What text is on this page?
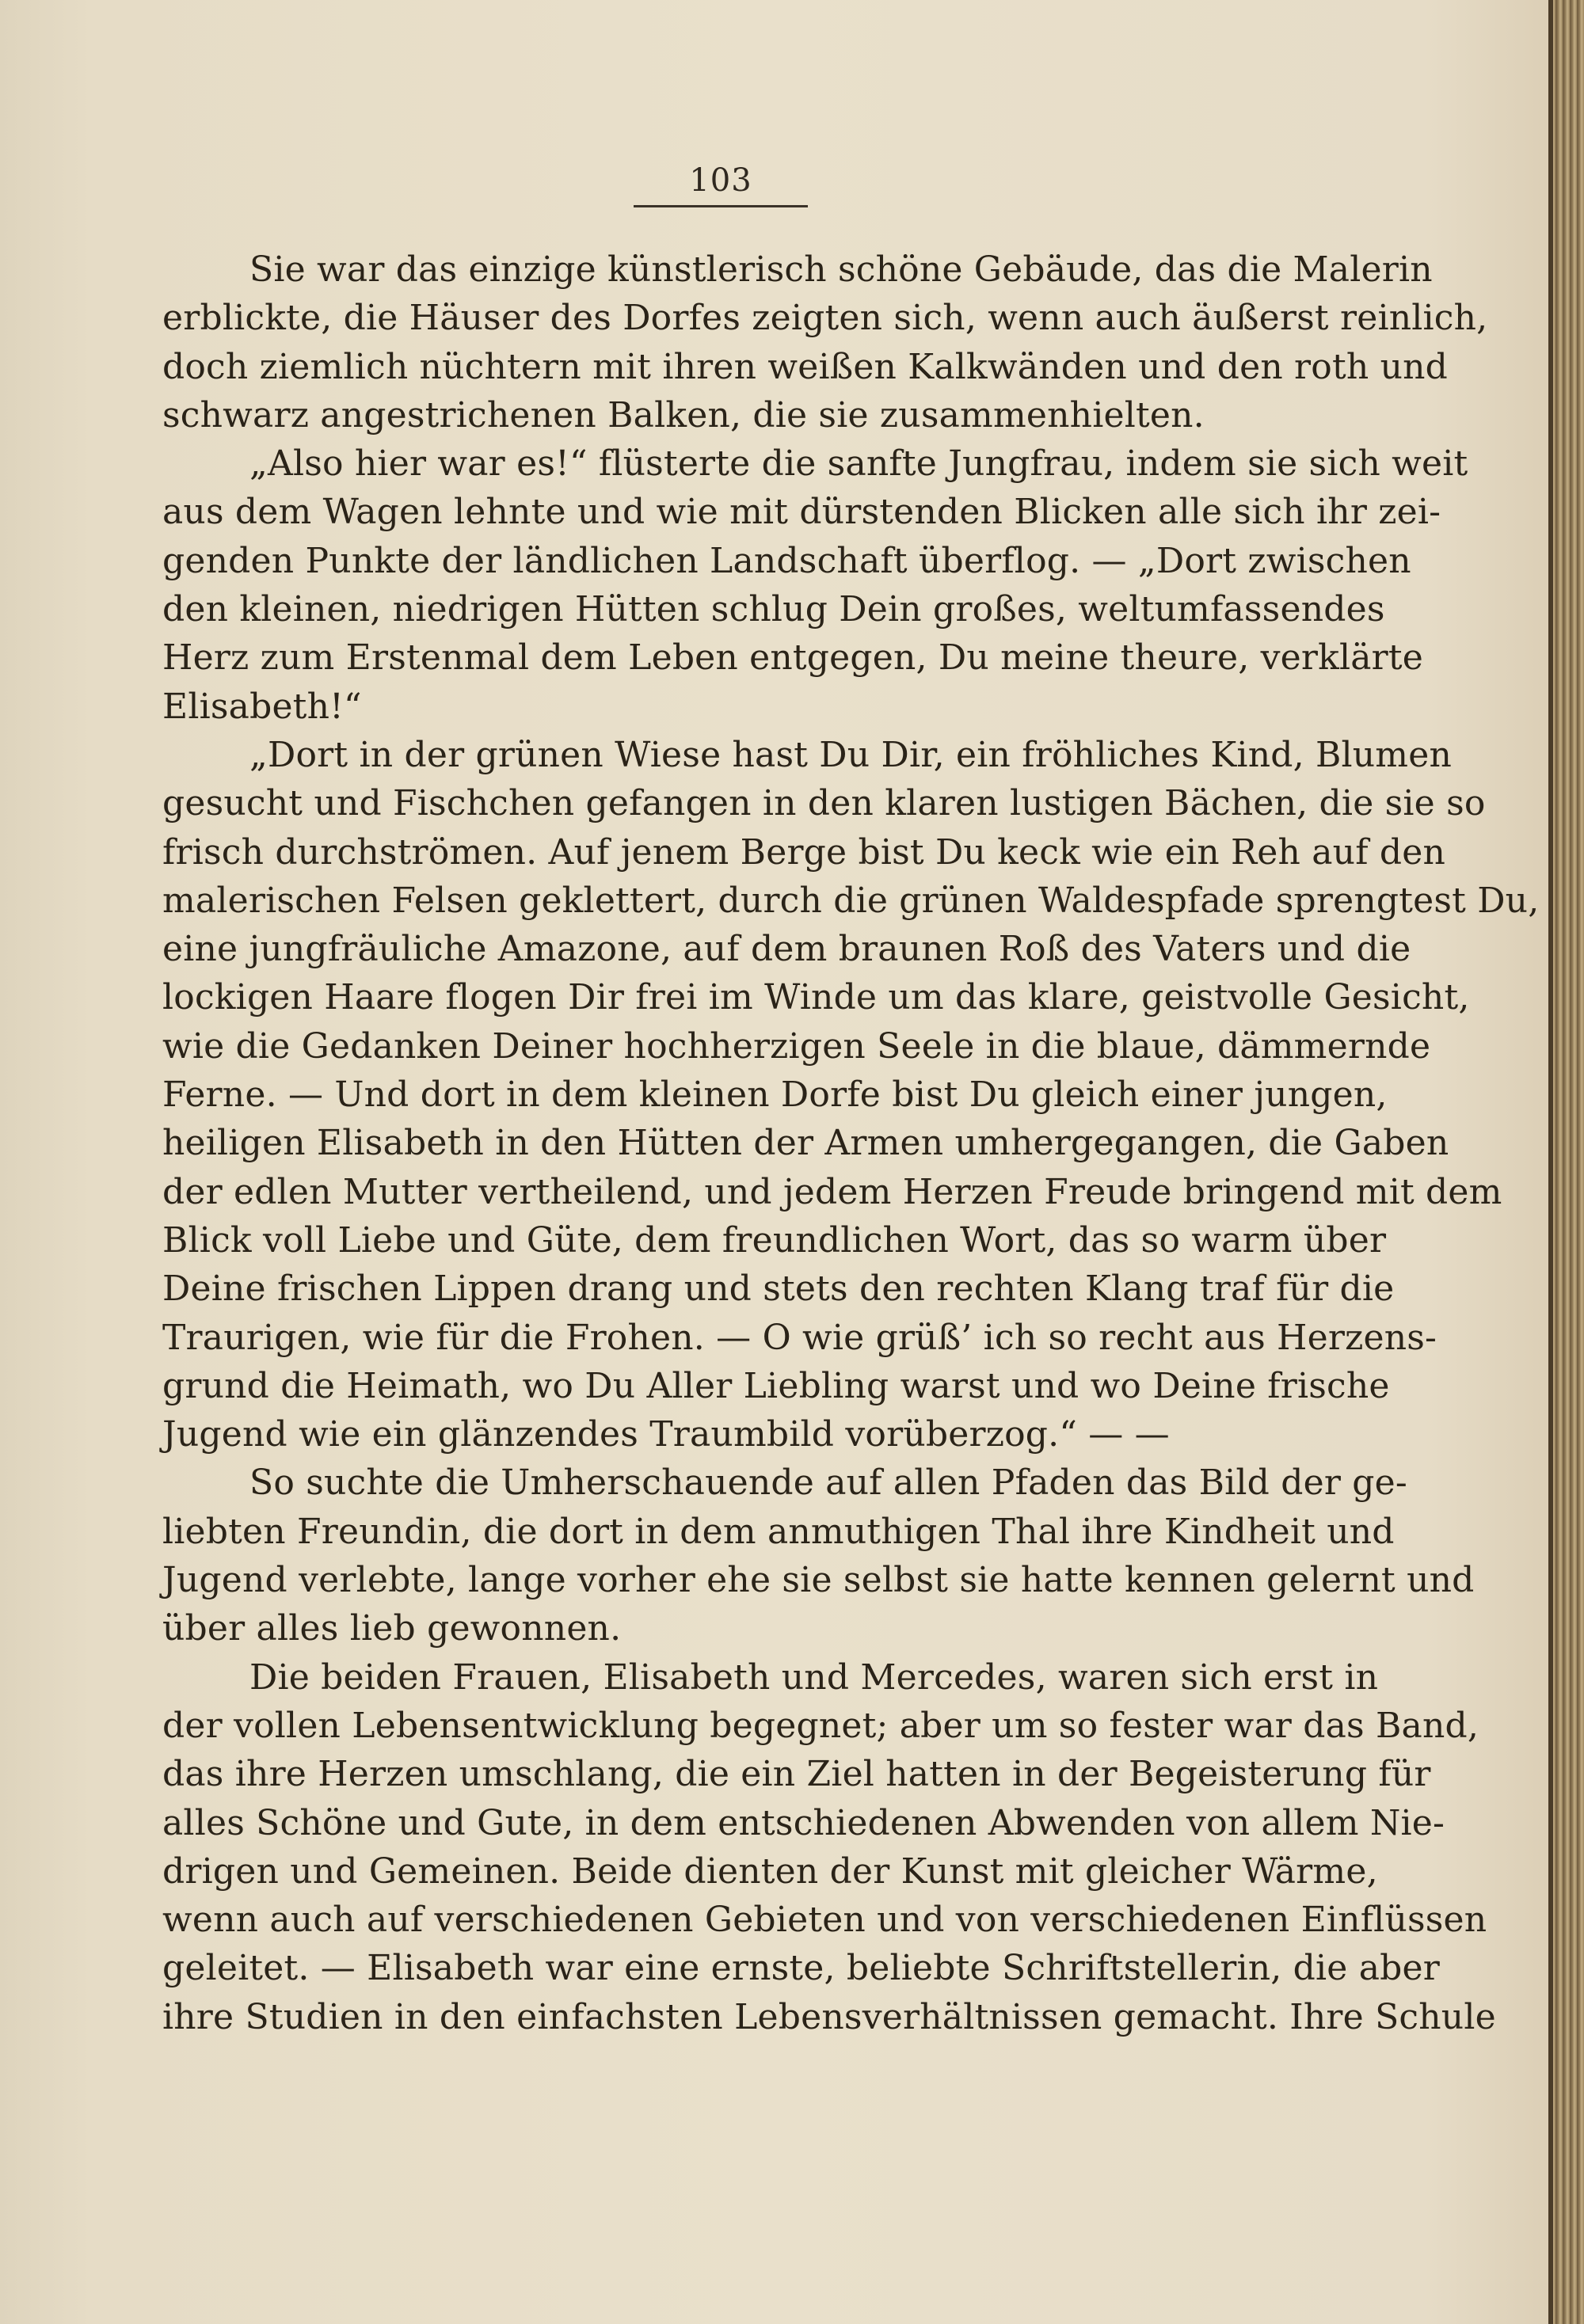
103
Sie war das einzige künstlerisch schöne Gebäude, das die Malerin
erblickte, die Häuser des Dorfes zeigten sich, wenn auch äußerst reinlich,
doch ziemlich nüchtern mit ihren weißen Kalkwänden und den roth und
schwarz angestrichenen Balken, die sie zusammenhielten.
„Also hier war es!“ flüsterte die sanfte Jungfrau, indem sie sich weit
aus dem Wagen lehnte und wie mit dürstenden Blicken alle sich ihr zei-
genden Punkte der ländlichen Landschaft überflog. — „Dort zwischen
den kleinen, niedrigen Hütten schlug Dein großes, weltumfassendes
Herz zum Erstenmal dem Leben entgegen, Du meine theure, verklärte
Elisabeth!“
„Dort in der grünen Wiese hast Du Dir, ein fröhliches Kind, Blumen
gesucht und Fischchen gefangen in den klaren lustigen Bächen, die sie so
frisch durchströmen. Auf jenem Berge bist Du keck wie ein Reh auf den
malerischen Felsen geklettert, durch die grünen Waldespfade sprengtest Du,
eine jungfräuliche Amazone, auf dem braunen Roß des Vaters und die
lockigen Haare flogen Dir frei im Winde um das klare, geistvolle Gesicht,
wie die Gedanken Deiner hochherzigen Seele in die blaue, dämmernde
Ferne. — Und dort in dem kleinen Dorfe bist Du gleich einer jungen,
heiligen Elisabeth in den Hütten der Armen umhergegangen, die Gaben
der edlen Mutter vertheilend, und jedem Herzen Freude bringend mit dem
Blick voll Liebe und Güte, dem freundlichen Wort, das so warm über
Deine frischen Lippen drang und stets den rechten Klang traf für die
Traurigen, wie für die Frohen. — O wie grüß’ ich so recht aus Herzens-
grund die Heimath, wo Du Aller Liebling warst und wo Deine frische
Jugend wie ein glänzendes Traumbild vorüberzog.“ — —
So suchte die Umherschauende auf allen Pfaden das Bild der ge-
liebten Freundin, die dort in dem anmuthigen Thal ihre Kindheit und
Jugend verlebte, lange vorher ehe sie selbst sie hatte kennen gelernt und
über alles lieb gewonnen.
Die beiden Frauen, Elisabeth und Mercedes, waren sich erst in
der vollen Lebensentwicklung begegnet; aber um so fester war das Band,
das ihre Herzen umschlang, die ein Ziel hatten in der Begeisterung für
alles Schöne und Gute, in dem entschiedenen Abwenden von allem Nie-
drigen und Gemeinen. Beide dienten der Kunst mit gleicher Wärme,
wenn auch auf verschiedenen Gebieten und von verschiedenen Einflüssen
geleitet. — Elisabeth war eine ernste, beliebte Schriftstellerin, die aber
ihre Studien in den einfachsten Lebensverhältnissen gemacht. Ihre Schule
